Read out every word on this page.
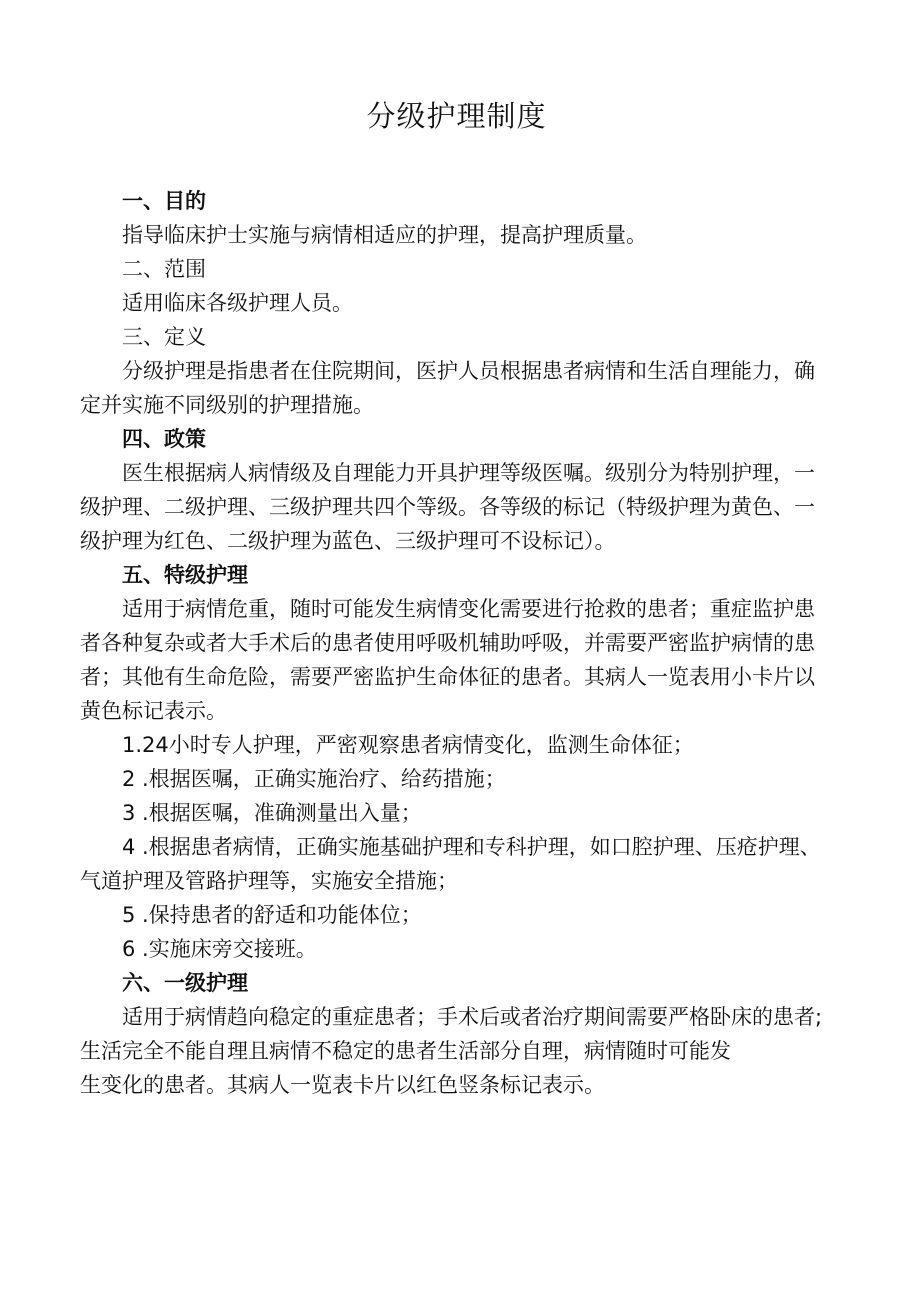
分级护理制度

一、目的

指导临床护士实施与病情相适应的护理，提高护理质量。

二、范围

适用临床各级护理人员。

三、定义

分级护理是指患者在住院期间，医护人员根据患者病情和生活自理能力，确定并实施不同级别的护理措施。

四、政策

医生根据病人病情级及自理能力开具护理等级医嘱。级别分为特别护理，一级护理、二级护理、三级护理共四个等级。各等级的标记（特级护理为黄色、一级护理为红色、二级护理为蓝色、三级护理可不设标记）。

五、特级护理

适用于病情危重，随时可能发生病情变化需要进行抢救的患者；重症监护患者各种复杂或者大手术后的患者使用呼吸机辅助呼吸，并需要严密监护病情的患者；其他有生命危险，需要严密监护生命体征的患者。其病人一览表用小卡片以黄色标记表示。

1.24小时专人护理，严密观察患者病情变化，监测生命体征；

2 .根据医嘱，正确实施治疗、给药措施；

3 .根据医嘱，准确测量出入量；

4 .根据患者病情，正确实施基础护理和专科护理，如口腔护理、压疮护理、气道护理及管路护理等，实施安全措施；

5 .保持患者的舒适和功能体位；

6 .实施床旁交接班。

六、一级护理

适用于病情趋向稳定的重症患者；手术后或者治疗期间需要严格卧床的患者;生活完全不能自理且病情不稳定的患者生活部分自理，病情随时可能发

生变化的患者。其病人一览表卡片以红色竖条标记表示。
